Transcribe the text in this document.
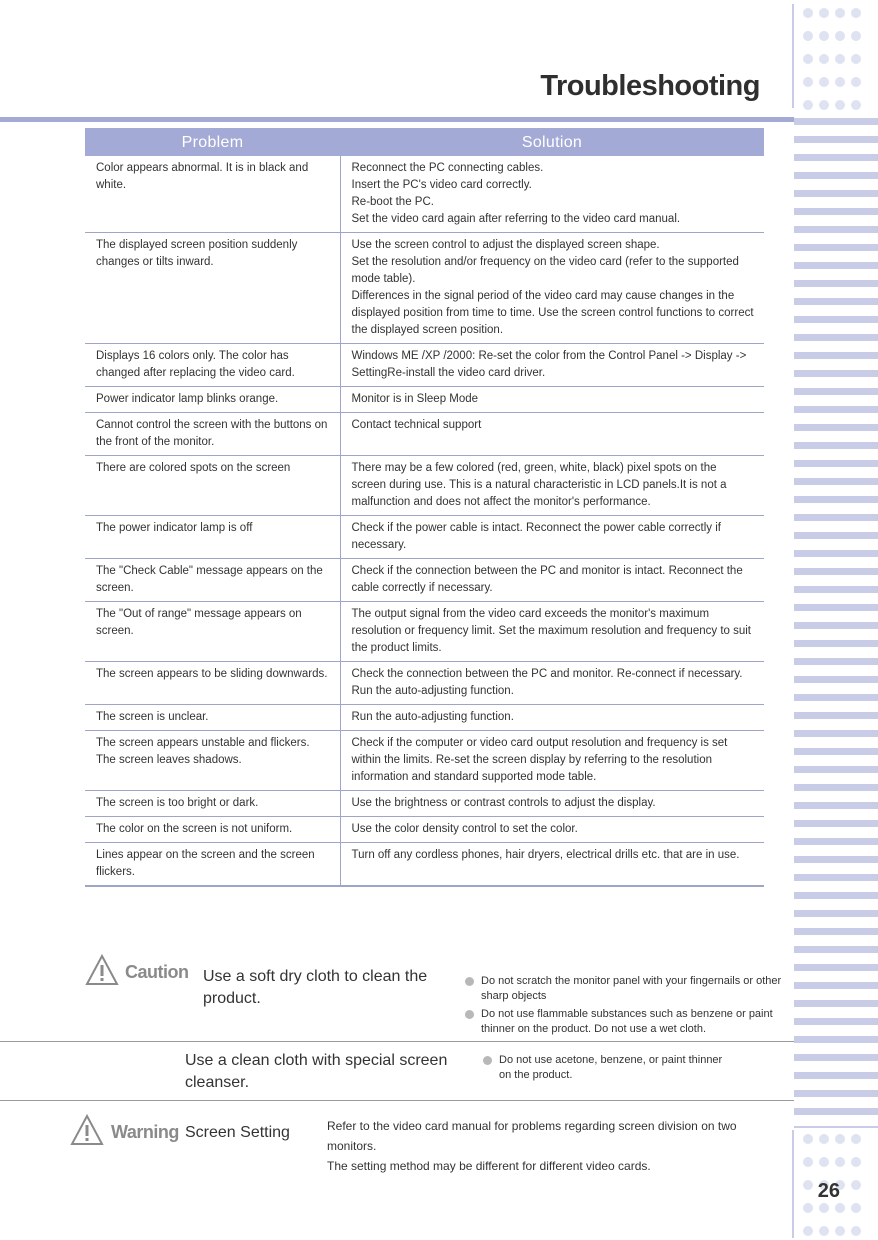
Troubleshooting
Problem	Solution

Color appears abnormal. It is in black and white.	Reconnect the PC connecting cables.
Insert the PC's video card correctly.
Re-boot the PC.
Set the video card again after referring to the video card manual.

The displayed screen position suddenly changes or tilts inward.	Use the screen control to adjust the displayed screen shape.
Set the resolution and/or frequency on the video card (refer to the supported mode table).
Differences in the signal period of the video card may cause changes in the displayed position from time to time. Use the screen control functions to correct the displayed screen position.

Displays 16 colors only. The color has changed after replacing the video card.	Windows ME /XP /2000: Re-set the color from the Control Panel -> Display -> SettingRe-install the video card driver.

Power indicator lamp blinks orange.	Monitor is in Sleep Mode

Cannot control the screen with the buttons on the front of the monitor.	Contact technical support

There are colored spots on the screen	There may be a few colored (red, green, white, black) pixel spots on the screen during use. This is a natural characteristic in LCD panels.It is not a malfunction and does not affect the monitor's performance.

The power indicator lamp is off	Check if the power cable is intact. Reconnect the power cable correctly if necessary.

The "Check Cable" message appears on the screen.	Check if the connection between the PC and monitor is intact. Reconnect the cable correctly if necessary.

The "Out of range" message appears on screen.	The output signal from the video card exceeds the monitor's maximum resolution or frequency limit. Set the maximum resolution and frequency to suit the product limits.

The screen appears to be sliding downwards.	Check the connection between the PC and monitor. Re-connect if necessary. Run the auto-adjusting function.

The screen is unclear.	Run the auto-adjusting function.

The screen appears unstable and flickers.
The screen leaves shadows.	Check if the computer or video card output resolution and frequency is set within the limits. Re-set the screen display by referring to the resolution information and standard supported mode table.

The screen is too bright or dark.	Use the brightness or contrast controls to adjust the display.

The color on the screen is not uniform.	Use the color density control to set the color.

Lines appear on the screen and the screen flickers.	Turn off any cordless phones, hair dryers, electrical drills etc. that are in use.
Caution Use a soft dry cloth to clean the product.
Do not scratch the monitor panel with your fingernails or other sharp objects
Do not use flammable substances such as benzene or paint thinner on the product. Do not use a wet cloth.
Use a clean cloth with special screen cleanser.
Do not use acetone, benzene, or paint thinner on the product.
Warning Screen Setting	Refer to the video card manual for problems regarding screen division on two monitors.
The setting method may be different for different video cards.
26
